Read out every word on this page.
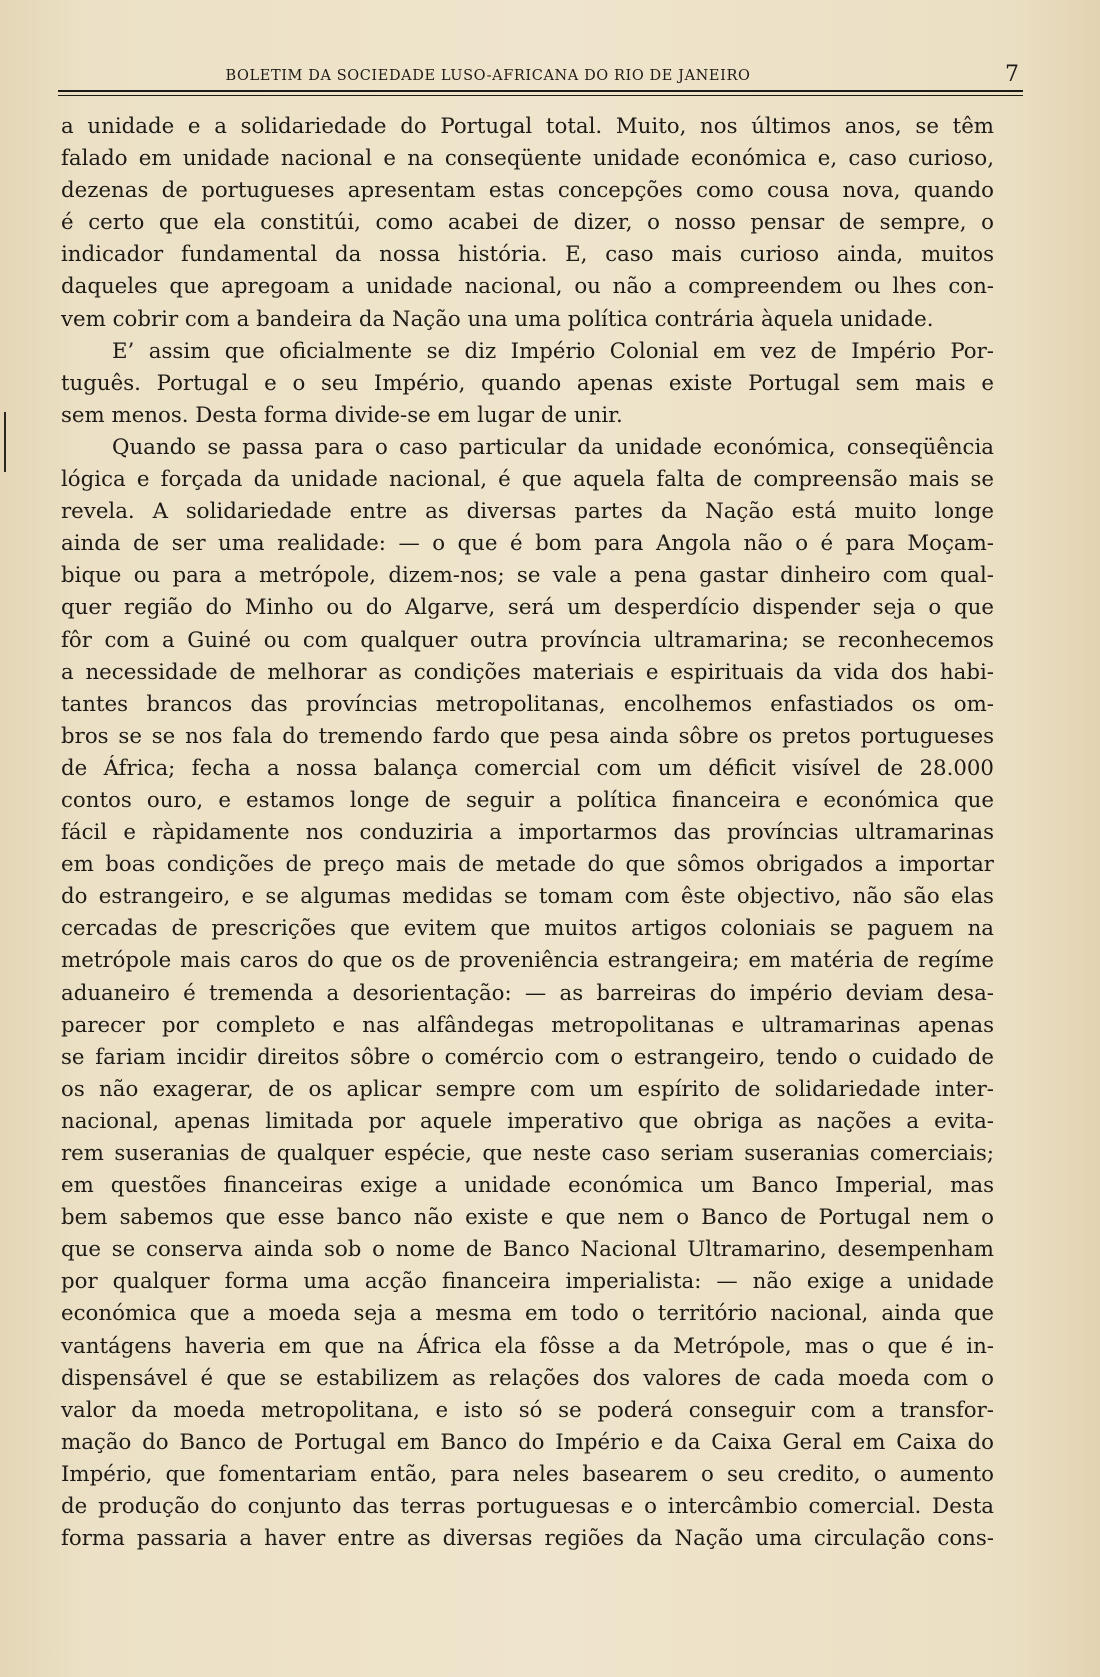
BOLETIM DA SOCIEDADE LUSO-AFRICANA DO RIO DE JANEIRO	7
a unidade e a solidariedade do Portugal total. Muito, nos últimos anos, se têm
falado em unidade nacional e na conseqüente unidade económica e, caso curioso,
dezenas de portugueses apresentam estas concepções como cousa nova, quando
é certo que ela constitúi, como acabei de dizer, o nosso pensar de sempre, o
indicador fundamental da nossa história. E, caso mais curioso ainda, muitos
daqueles que apregoam a unidade nacional, ou não a compreendem ou lhes con-
vem cobrir com a bandeira da Nação una uma política contrária àquela unidade.
E’ assim que oficialmente se diz Império Colonial em vez de Império Por-
tuguês. Portugal e o seu Império, quando apenas existe Portugal sem mais e
sem menos. Desta forma divide-se em lugar de unir.
Quando se passa para o caso particular da unidade económica, conseqüência
lógica e forçada da unidade nacional, é que aquela falta de compreensão mais se
revela. A solidariedade entre as diversas partes da Nação está muito longe
ainda de ser uma realidade: — o que é bom para Angola não o é para Moçam-
bique ou para a metrópole, dizem-nos; se vale a pena gastar dinheiro com qual-
quer região do Minho ou do Algarve, será um desperdício dispender seja o que
fôr com a Guiné ou com qualquer outra província ultramarina; se reconhecemos
a necessidade de melhorar as condições materiais e espirituais da vida dos habi-
tantes brancos das províncias metropolitanas, encolhemos enfastiados os om-
bros se se nos fala do tremendo fardo que pesa ainda sôbre os pretos portugueses
de África; fecha a nossa balança comercial com um déficit visível de 28.000
contos ouro, e estamos longe de seguir a política financeira e económica que
fácil e ràpidamente nos conduziria a importarmos das províncias ultramarinas
em boas condições de preço mais de metade do que sômos obrigados a importar
do estrangeiro, e se algumas medidas se tomam com êste objectivo, não são elas
cercadas de prescrições que evitem que muitos artigos coloniais se paguem na
metrópole mais caros do que os de proveniência estrangeira; em matéria de regíme
aduaneiro é tremenda a desorientação: — as barreiras do império deviam desa-
parecer por completo e nas alfândegas metropolitanas e ultramarinas apenas
se fariam incidir direitos sôbre o comércio com o estrangeiro, tendo o cuidado de
os não exagerar, de os aplicar sempre com um espírito de solidariedade inter-
nacional, apenas limitada por aquele imperativo que obriga as nações a evita-
rem suseranias de qualquer espécie, que neste caso seriam suseranias comerciais;
em questões financeiras exige a unidade económica um Banco Imperial, mas
bem sabemos que esse banco não existe e que nem o Banco de Portugal nem o
que se conserva ainda sob o nome de Banco Nacional Ultramarino, desempenham
por qualquer forma uma acção financeira imperialista: — não exige a unidade
económica que a moeda seja a mesma em todo o território nacional, ainda que
vantágens haveria em que na África ela fôsse a da Metrópole, mas o que é in-
dispensável é que se estabilizem as relações dos valores de cada moeda com o
valor da moeda metropolitana, e isto só se poderá conseguir com a transfor-
mação do Banco de Portugal em Banco do Império e da Caixa Geral em Caixa do
Império, que fomentariam então, para neles basearem o seu credito, o aumento
de produção do conjunto das terras portuguesas e o intercâmbio comercial. Desta
forma passaria a haver entre as diversas regiões da Nação uma circulação cons-
